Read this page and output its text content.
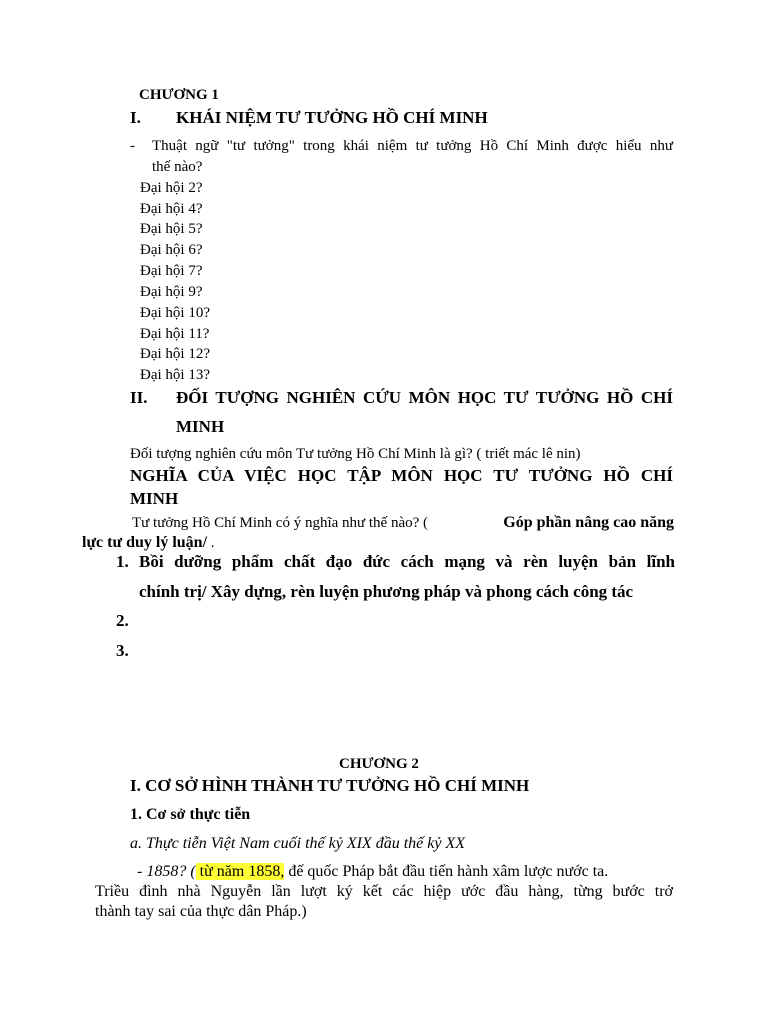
CHƯƠNG 1
I. KHÁI NIỆM TƯ TƯỞNG HỒ CHÍ MINH
- Thuật ngữ "tư tưởng" trong khái niệm tư tưởng Hồ Chí Minh được hiểu như
thế nào?
Đại hội 2?
Đại hội 4?
Đại hội 5?
Đại hội 6?
Đại hội 7?
Đại hội 9?
Đại hội 10?
Đại hội 11?
Đại hội 12?
Đại hội 13?
II. ĐỐI TƯỢNG NGHIÊN CỨU MÔN HỌC TƯ TƯỞNG HỒ CHÍ
MINH
Đối tượng nghiên cứu môn Tư tưởng Hồ Chí Minh là gì? ( triết mác lê nin)
NGHĨA CỦA VIỆC HỌC TẬP MÔN HỌC TƯ TƯỞNG HỒ CHÍ
MINH
Tư tưởng Hồ Chí Minh có ý nghĩa như thế nào? (	Góp phần nâng cao năng
lực tư duy lý luận/ .
1. Bồi dưỡng phẩm chất đạo đức cách mạng và rèn luyện bản lĩnh
chính trị/ Xây dựng, rèn luyện phương pháp và phong cách công tác
2.
3.
CHƯƠNG 2
I. CƠ SỞ HÌNH THÀNH TƯ TƯỞNG HỒ CHÍ MINH
1. Cơ sở thực tiễn
a. Thực tiễn Việt Nam cuối thế kỷ XIX đầu thế kỷ XX
- 1858? ( từ năm 1858, đế quốc Pháp bắt đầu tiến hành xâm lược nước ta.
Triều đình nhà Nguyễn lần lượt ký kết các hiệp ước đầu hàng, từng bước trở
thành tay sai của thực dân Pháp.)
